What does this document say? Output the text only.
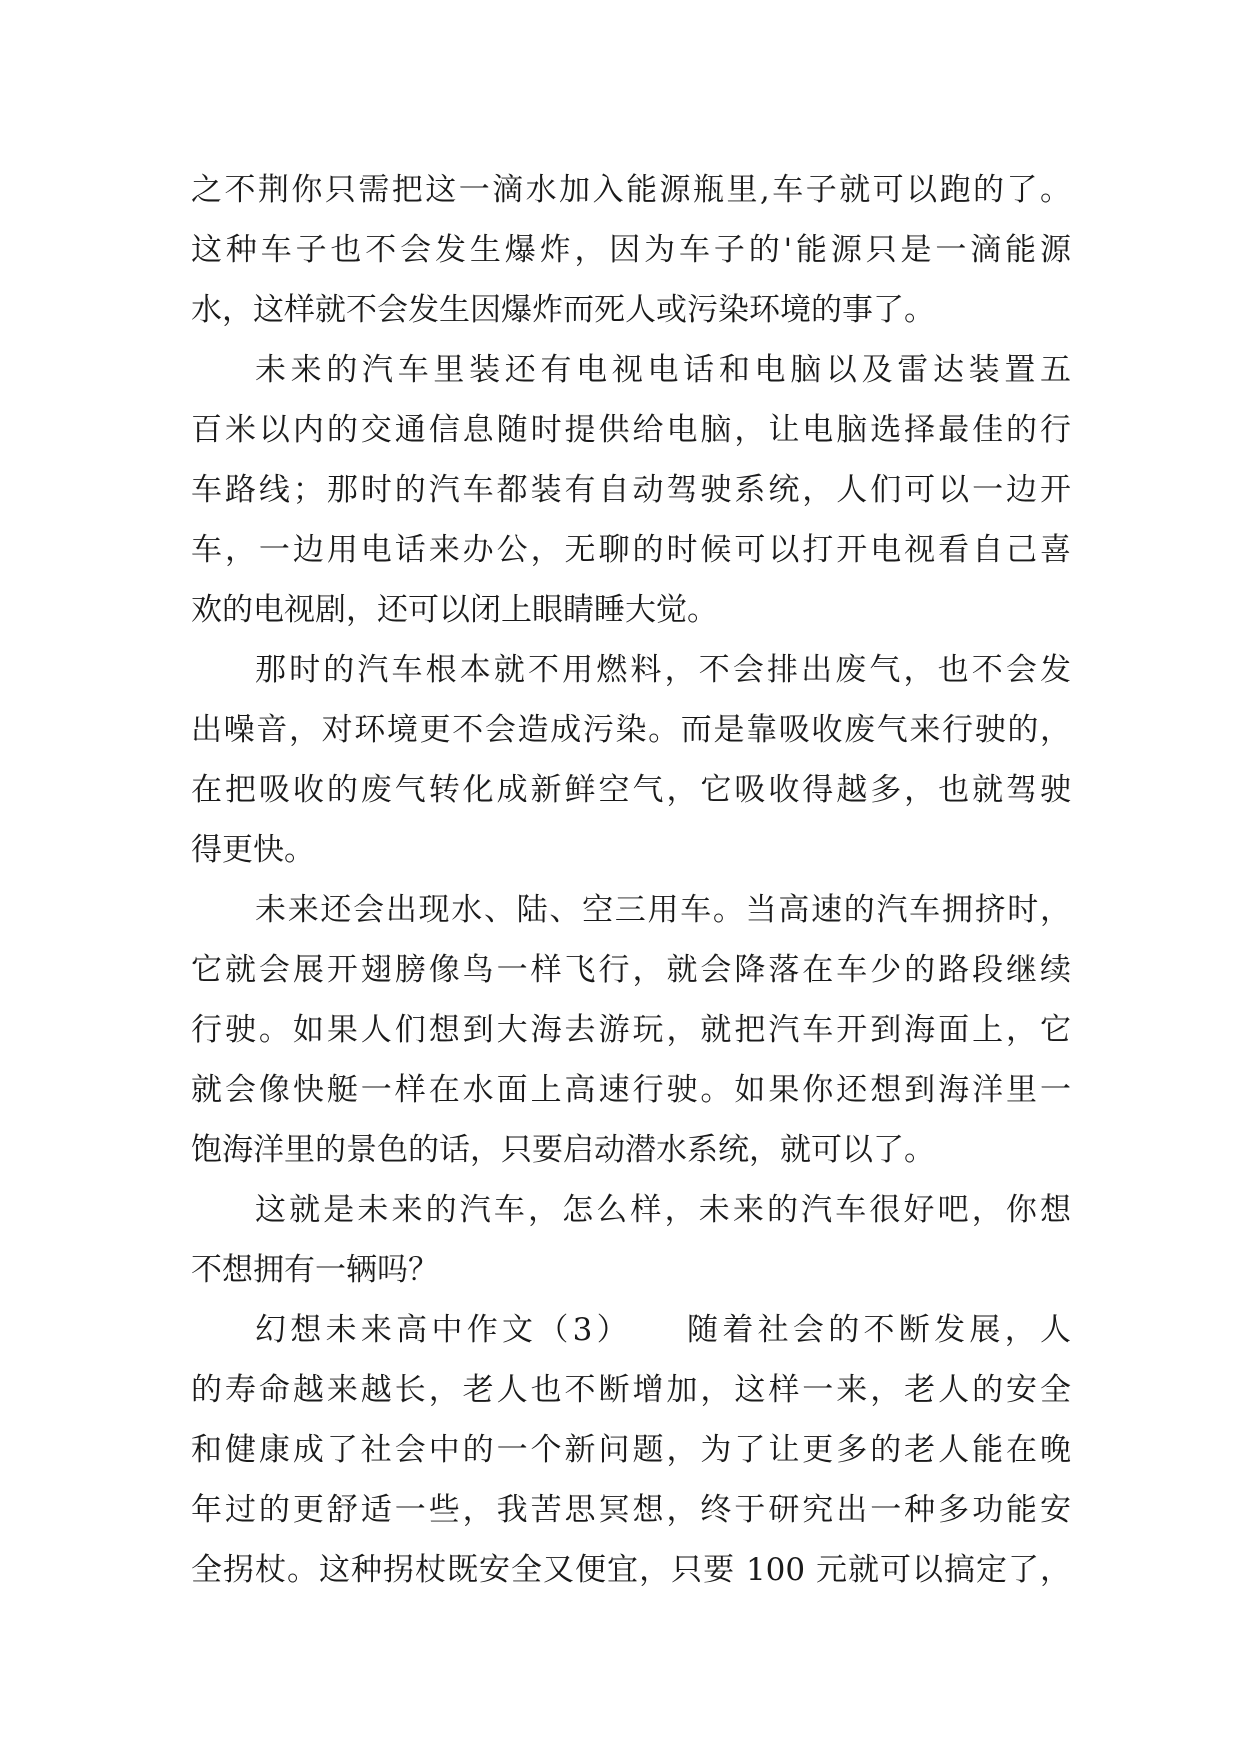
之不荆你只需把这一滴水加入能源瓶里,车子就可以跑的了。
这种车子也不会发生爆炸，因为车子的'能源只是一滴能源
水，这样就不会发生因爆炸而死人或污染环境的事了。
未来的汽车里装还有电视电话和电脑以及雷达装置五
百米以内的交通信息随时提供给电脑，让电脑选择最佳的行
车路线；那时的汽车都装有自动驾驶系统，人们可以一边开
车，一边用电话来办公，无聊的时候可以打开电视看自己喜
欢的电视剧，还可以闭上眼睛睡大觉。
那时的汽车根本就不用燃料，不会排出废气，也不会发
出噪音，对环境更不会造成污染。而是靠吸收废气来行驶的，
在把吸收的废气转化成新鲜空气，它吸收得越多，也就驾驶
得更快。
未来还会出现水、陆、空三用车。当高速的汽车拥挤时，
它就会展开翅膀像鸟一样飞行，就会降落在车少的路段继续
行驶。如果人们想到大海去游玩，就把汽车开到海面上，它
就会像快艇一样在水面上高速行驶。如果你还想到海洋里一
饱海洋里的景色的话，只要启动潜水系统，就可以了。
这就是未来的汽车，怎么样，未来的汽车很好吧，你想
不想拥有一辆吗？
幻想未来高中作文（3）　　随着社会的不断发展，人
的寿命越来越长，老人也不断增加，这样一来，老人的安全
和健康成了社会中的一个新问题，为了让更多的老人能在晚
年过的更舒适一些，我苦思冥想，终于研究出一种多功能安
全拐杖。这种拐杖既安全又便宜，只要 100 元就可以搞定了，
